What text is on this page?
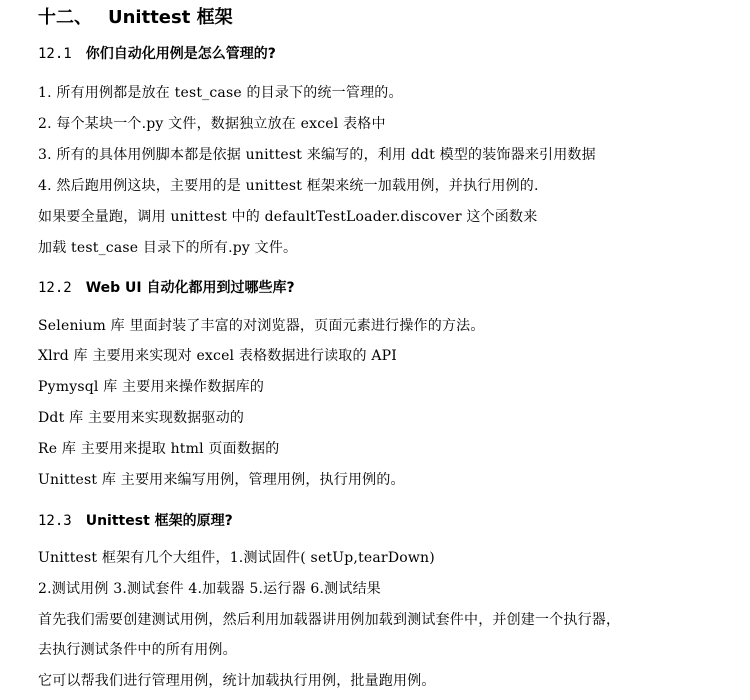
十二、 Unittest 框架
12.1 你们自动化用例是怎么管理的?
1. 所有用例都是放在 test_case 的目录下的统一管理的。
2. 每个某块一个.py 文件，数据独立放在 excel 表格中
3. 所有的具体用例脚本都是依据 unittest 来编写的，利用 ddt 模型的装饰器来引用数据
4. 然后跑用例这块，主要用的是 unittest 框架来统一加载用例，并执行用例的.
如果要全量跑，调用 unittest 中的 defaultTestLoader.discover 这个函数来
加载 test_case 目录下的所有.py 文件。
12.2 Web UI 自动化都用到过哪些库?
Selenium 库 里面封装了丰富的对浏览器，页面元素进行操作的方法。
Xlrd 库 主要用来实现对 excel 表格数据进行读取的 API
Pymysql 库 主要用来操作数据库的
Ddt 库 主要用来实现数据驱动的
Re 库 主要用来提取 html 页面数据的
Unittest 库 主要用来编写用例，管理用例，执行用例的。
12.3 Unittest 框架的原理?
Unittest 框架有几个大组件，1.测试固件( setUp,tearDown)
2.测试用例 3.测试套件 4.加载器 5.运行器 6.测试结果
首先我们需要创建测试用例，然后利用加载器讲用例加载到测试套件中，并创建一个执行器，
去执行测试条件中的所有用例。
它可以帮我们进行管理用例，统计加载执行用例，批量跑用例。
